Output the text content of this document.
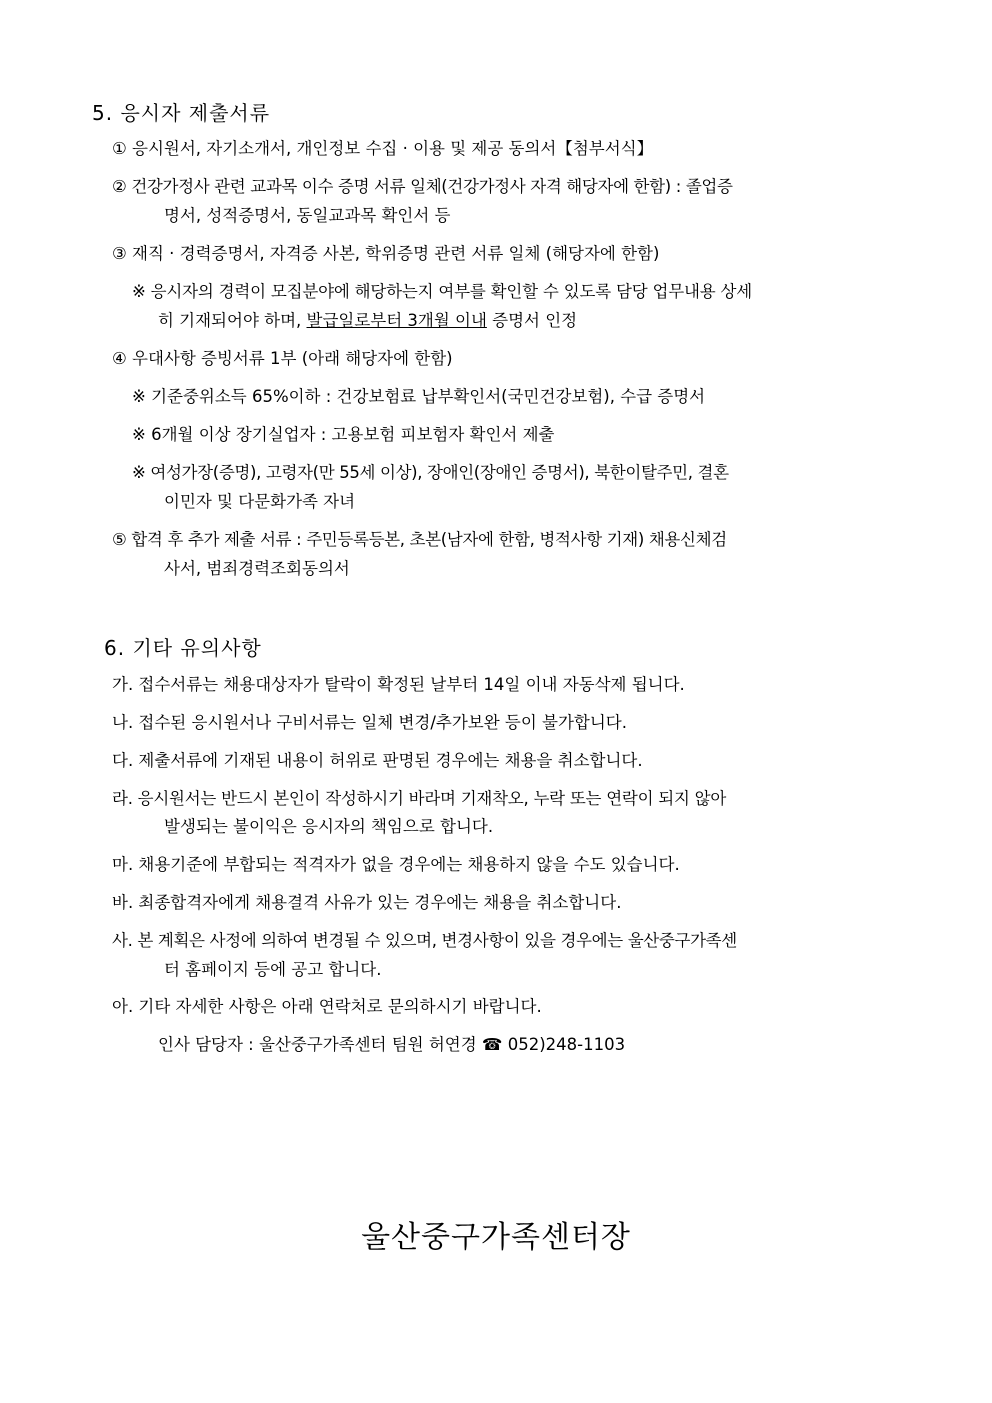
5. 응시자 제출서류
① 응시원서, 자기소개서, 개인정보 수집 · 이용 및 제공 동의서【첨부서식】
② 건강가정사 관련 교과목 이수 증명 서류 일체(건강가정사 자격 해당자에 한함) : 졸업증
명서, 성적증명서, 동일교과목 확인서 등
③ 재직 · 경력증명서, 자격증 사본, 학위증명 관련 서류 일체 (해당자에 한함)
※ 응시자의 경력이 모집분야에 해당하는지 여부를 확인할 수 있도록 담당 업무내용 상세
히 기재되어야 하며, 발급일로부터 3개월 이내 증명서 인정
④ 우대사항 증빙서류 1부 (아래 해당자에 한함)
※ 기준중위소득 65%이하 : 건강보험료 납부확인서(국민건강보험), 수급 증명서
※ 6개월 이상 장기실업자 : 고용보험 피보험자 확인서 제출
※ 여성가장(증명), 고령자(만 55세 이상), 장애인(장애인 증명서), 북한이탈주민, 결혼
이민자 및 다문화가족 자녀
⑤ 합격 후 추가 제출 서류 : 주민등록등본, 초본(남자에 한함, 병적사항 기재) 채용신체검
사서, 범죄경력조회동의서
6. 기타 유의사항
가. 접수서류는 채용대상자가 탈락이 확정된 날부터 14일 이내 자동삭제 됩니다.
나. 접수된 응시원서나 구비서류는 일체 변경/추가보완 등이 불가합니다.
다. 제출서류에 기재된 내용이 허위로 판명된 경우에는 채용을 취소합니다.
라. 응시원서는 반드시 본인이 작성하시기 바라며 기재착오, 누락 또는 연락이 되지 않아
발생되는 불이익은 응시자의 책임으로 합니다.
마. 채용기준에 부합되는 적격자가 없을 경우에는 채용하지 않을 수도 있습니다.
바. 최종합격자에게 채용결격 사유가 있는 경우에는 채용을 취소합니다.
사. 본 계획은 사정에 의하여 변경될 수 있으며, 변경사항이 있을 경우에는 울산중구가족센
터 홈페이지 등에 공고 합니다.
아. 기타 자세한 사항은 아래 연락처로 문의하시기 바랍니다.
인사 담당자 : 울산중구가족센터 팀원 허연경 ☎ 052)248-1103
울산중구가족센터장
